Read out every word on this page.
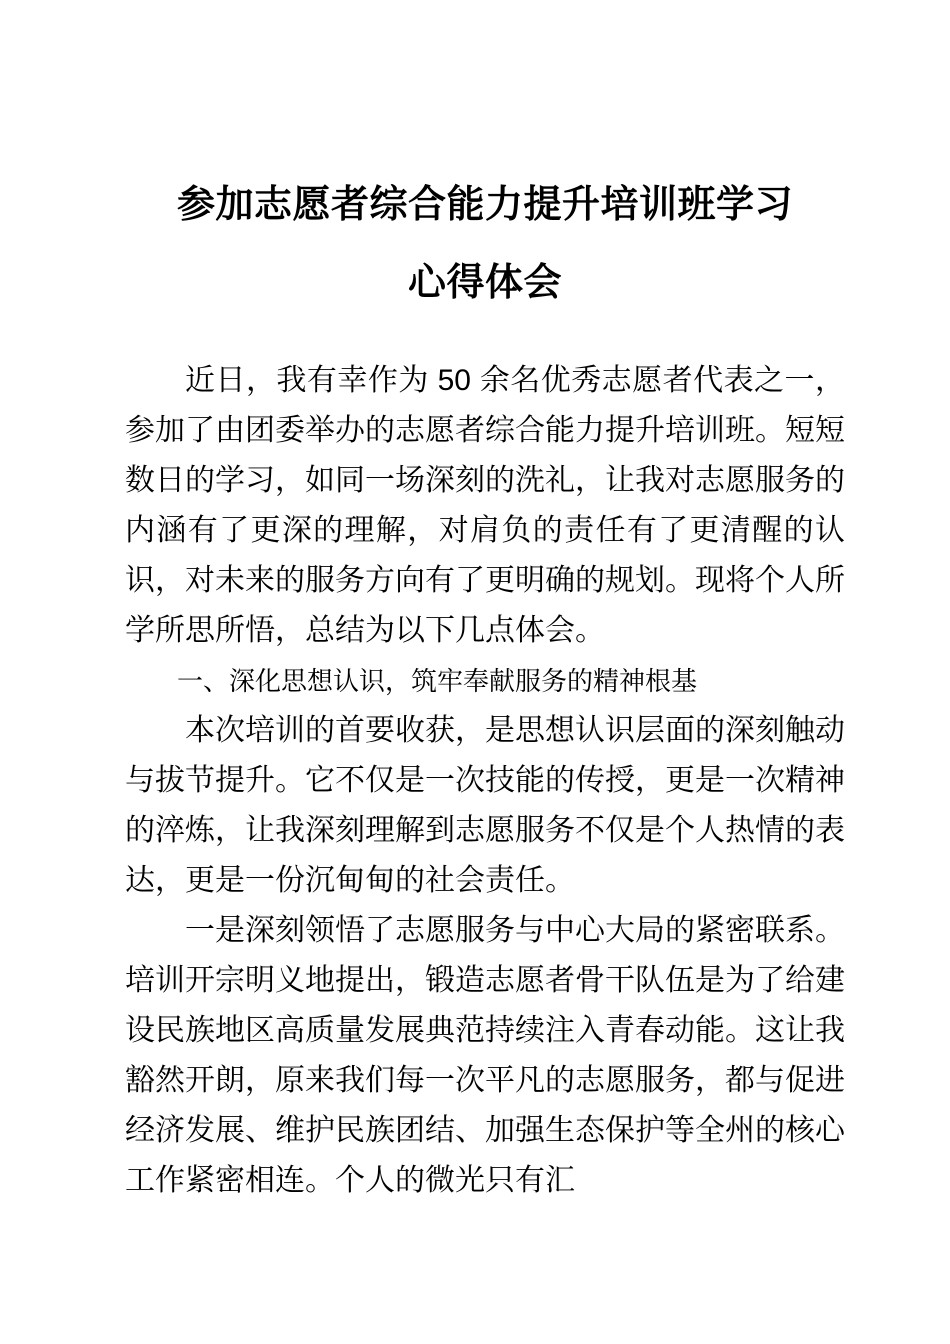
参加志愿者综合能力提升培训班学习
心得体会

近日，我有幸作为 50 余名优秀志愿者代表之一，参加了由团委举办的志愿者综合能力提升培训班。短短数日的学习，如同一场深刻的洗礼，让我对志愿服务的内涵有了更深的理解，对肩负的责任有了更清醒的认识，对未来的服务方向有了更明确的规划。现将个人所学所思所悟，总结为以下几点体会。

一、深化思想认识，筑牢奉献服务的精神根基

本次培训的首要收获，是思想认识层面的深刻触动与拔节提升。它不仅是一次技能的传授，更是一次精神的淬炼，让我深刻理解到志愿服务不仅是个人热情的表达，更是一份沉甸甸的社会责任。

一是深刻领悟了志愿服务与中心大局的紧密联系。培训开宗明义地提出，锻造志愿者骨干队伍是为了给建设民族地区高质量发展典范持续注入青春动能。这让我豁然开朗，原来我们每一次平凡的志愿服务，都与促进经济发展、维护民族团结、加强生态保护等全州的核心工作紧密相连。个人的微光只有汇
